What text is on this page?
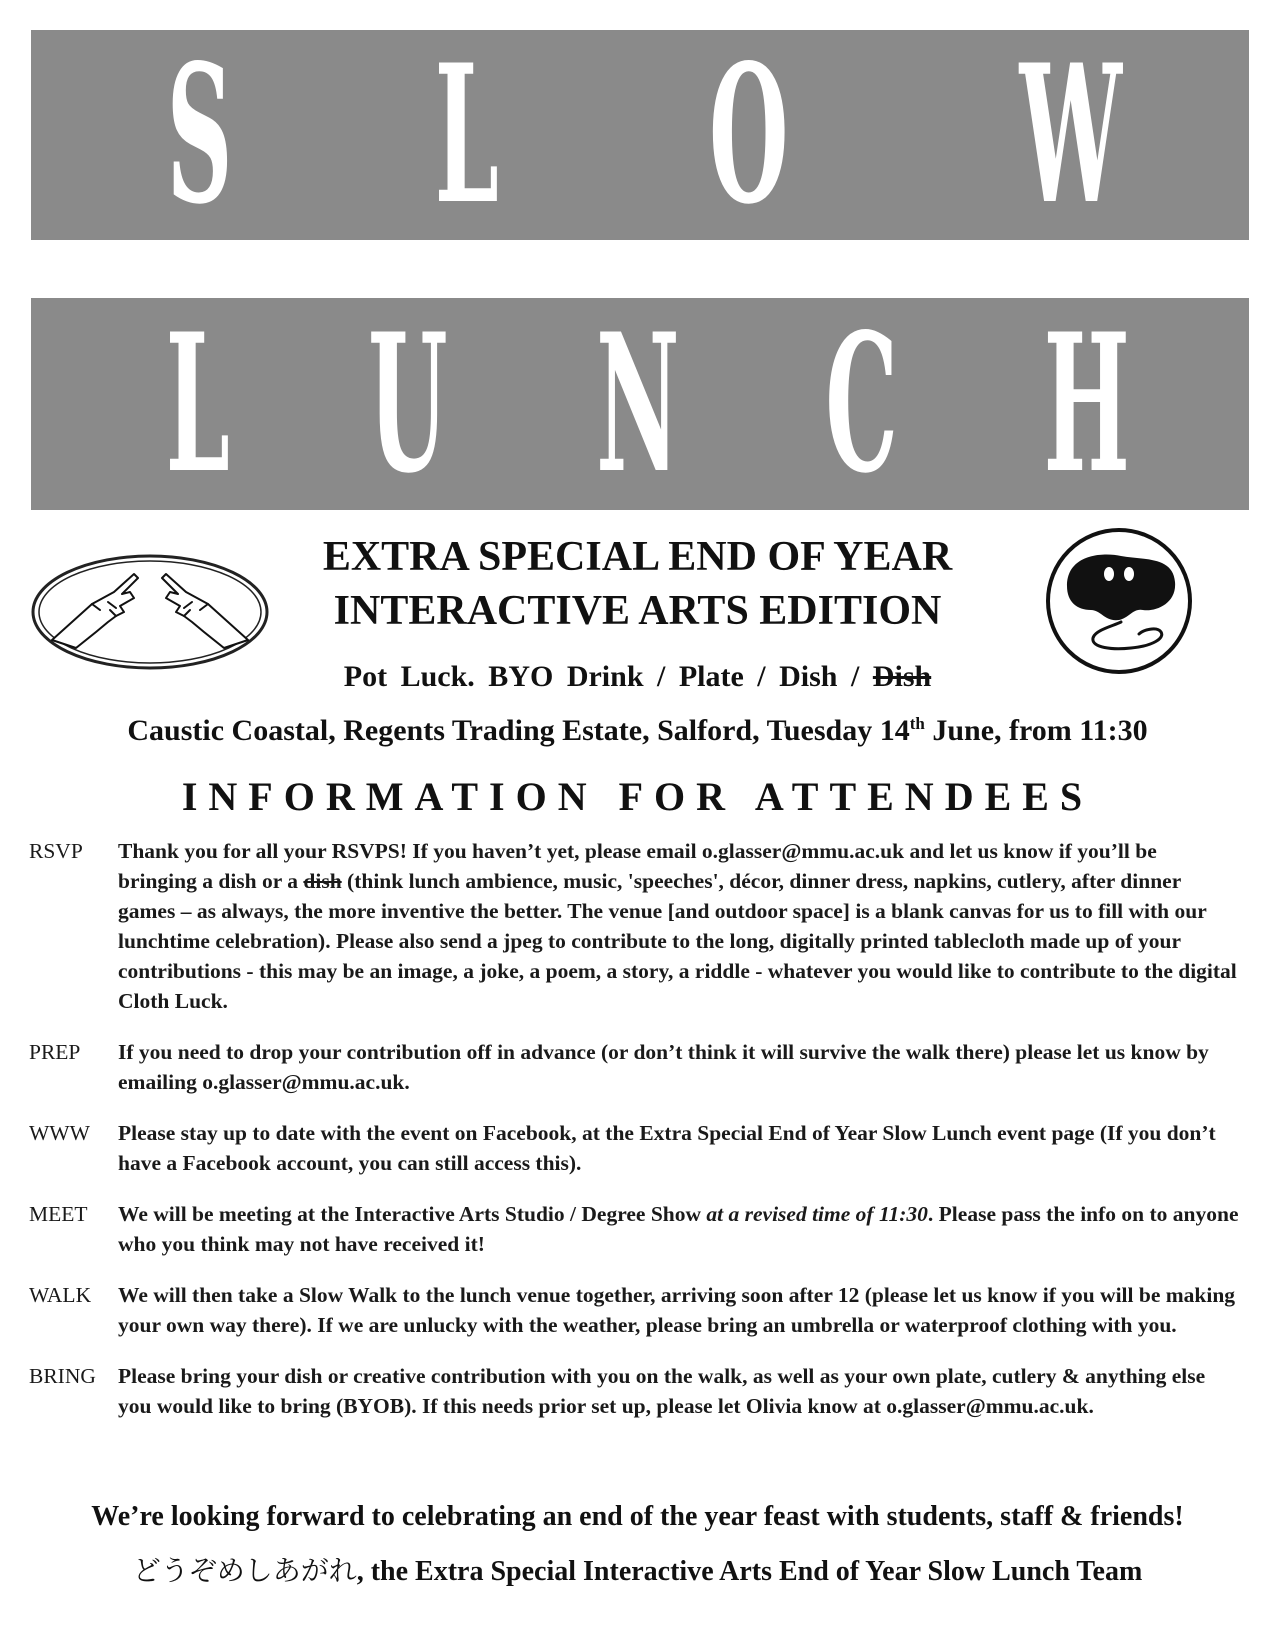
S L O W
L U N C H
EXTRA SPECIAL END OF YEAR
INTERACTIVE ARTS EDITION
Pot Luck. BYO Drink / Plate / Dish / Dish
Caustic Coastal, Regents Trading Estate, Salford, Tuesday 14th June, from 11:30
INFORMATION FOR ATTENDEES
RSVP	Thank you for all your RSVPS! If you haven’t yet, please email o.glasser@mmu.ac.uk and let us know if you’ll be bringing a dish or a dish (think lunch ambience, music, 'speeches', décor, dinner dress, napkins, cutlery, after dinner games – as always, the more inventive the better. The venue [and outdoor space] is a blank canvas for us to fill with our lunchtime celebration). Please also send a jpeg to contribute to the long, digitally printed tablecloth made up of your contributions - this may be an image, a joke, a poem, a story, a riddle - whatever you would like to contribute to the digital Cloth Luck.
PREP	If you need to drop your contribution off in advance (or don’t think it will survive the walk there) please let us know by emailing o.glasser@mmu.ac.uk.
WWW	Please stay up to date with the event on Facebook, at the Extra Special End of Year Slow Lunch event page (If you don’t have a Facebook account, you can still access this).
MEET	We will be meeting at the Interactive Arts Studio / Degree Show at a revised time of 11:30. Please pass the info on to anyone who you think may not have received it!
WALK	We will then take a Slow Walk to the lunch venue together, arriving soon after 12 (please let us know if you will be making your own way there). If we are unlucky with the weather, please bring an umbrella or waterproof clothing with you.
BRING	Please bring your dish or creative contribution with you on the walk, as well as your own plate, cutlery & anything else you would like to bring (BYOB). If this needs prior set up, please let Olivia know at o.glasser@mmu.ac.uk.
We’re looking forward to celebrating an end of the year feast with students, staff & friends!
どうぞめしあがれ, the Extra Special Interactive Arts End of Year Slow Lunch Team
